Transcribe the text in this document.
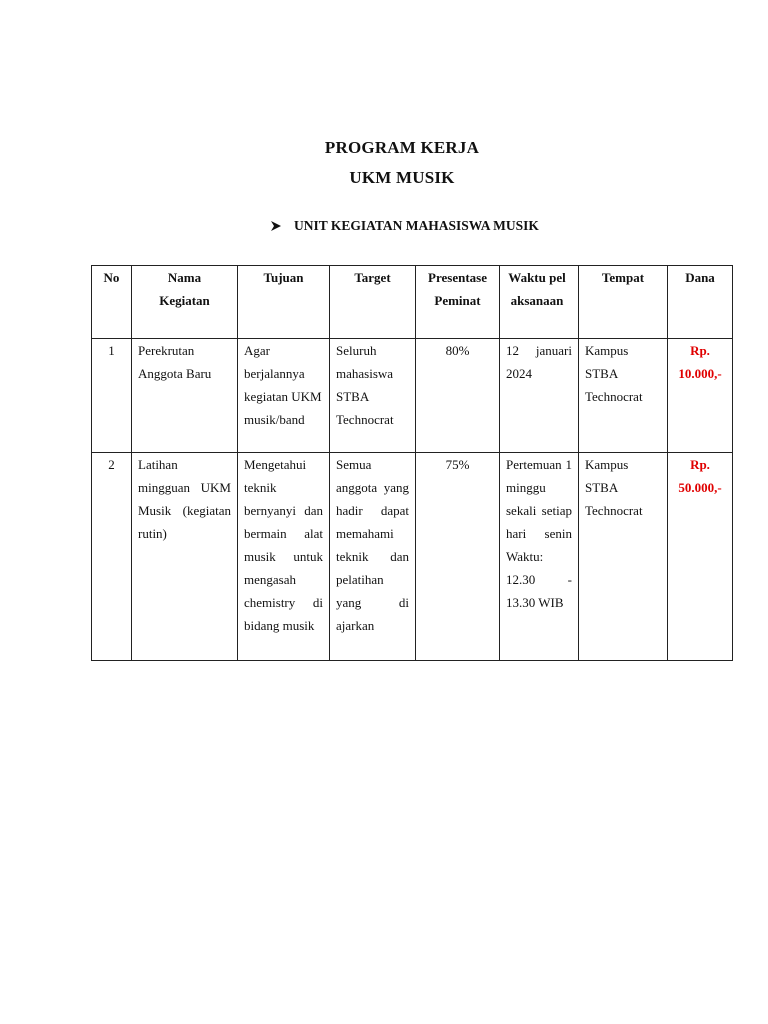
PROGRAM KERJA
UKM MUSIK
UNIT KEGIATAN MAHASISWA MUSIK
No	Nama Kegiatan	Tujuan	Target	Presentase Peminat	Waktu pelaksanaan	Tempat	Dana
1	Perekrutan Anggota Baru	Agar berjalannya kegiatan UKM musik/band	Seluruh mahasiswa STBA Technocrat	80%	12 januari 2024	Kampus STBA Technocrat	Rp. 10.000,-

2	Latihan mingguan UKM Musik (kegiatan rutin)	Mengetahui teknik bernyanyi dan bermain alat musik untuk mengasah chemistry di bidang musik	Semua anggota yang hadir dapat memahami teknik dan pelatihan yang di ajarkan	75%	Pertemuan 1 minggu sekali setiap hari senin Waktu: 12.30 - 13.30 WIB	Kampus STBA Technocrat	Rp. 50.000,-
